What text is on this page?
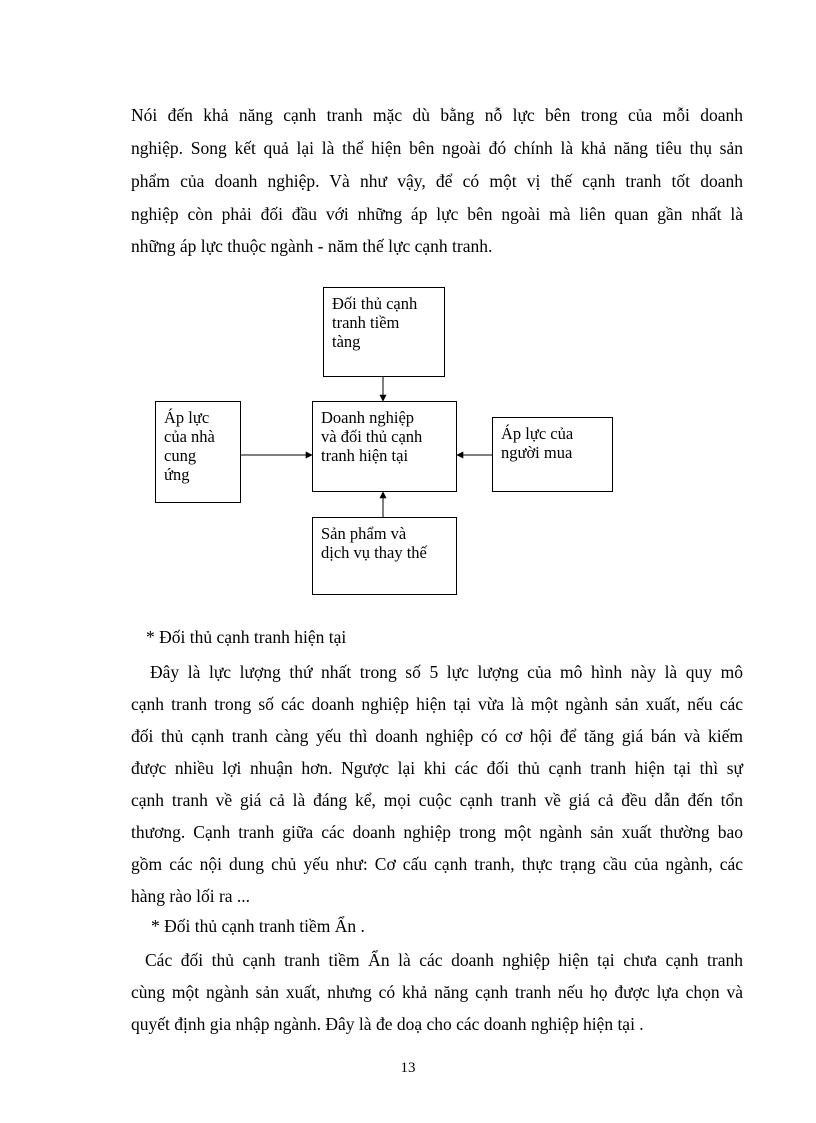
Nói đến khả năng cạnh tranh mặc dù bằng nỗ lực bên trong của mỗi doanh
nghiệp. Song kết quả lại là thể hiện bên ngoài đó chính là khả năng tiêu thụ sản
phẩm của doanh nghiệp. Và như vậy, để có một vị thế cạnh tranh tốt doanh
nghiệp còn phải đối đầu với những áp lực bên ngoài mà liên quan gần nhất là
những áp lực thuộc ngành - năm thế lực cạnh tranh.
Đối thủ cạnh
tranh tiềm
tàng
Áp lực
của nhà
cung
ứng
Doanh nghiệp
và đối thủ cạnh
tranh hiện tại
Áp lực của
người mua
Sản phẩm và
dịch vụ thay thế
* Đối thủ cạnh tranh hiện tại
Đây là lực lượng thứ nhất trong số 5 lực lượng của mô hình này là quy mô
cạnh tranh trong số các doanh nghiệp hiện tại vừa là một ngành sản xuất, nếu các
đối thủ cạnh tranh càng yếu thì doanh nghiệp có cơ hội để tăng giá bán và kiếm
được nhiều lợi nhuận hơn. Ngược lại khi các đối thủ cạnh tranh hiện tại thì sự
cạnh tranh về giá cả là đáng kể, mọi cuộc cạnh tranh về giá cả đều dẫn đến tổn
thương. Cạnh tranh giữa các doanh nghiệp trong một ngành sản xuất thường bao
gồm các nội dung chủ yếu như: Cơ cấu cạnh tranh, thực trạng cầu của ngành, các
hàng rào lối ra ...
* Đối thủ cạnh tranh tiềm Ẩn .
Các đối thủ cạnh tranh tiềm Ẩn là các doanh nghiệp hiện tại chưa cạnh tranh
cùng một ngành sản xuất, nhưng có khả năng cạnh tranh nếu họ được lựa chọn và
quyết định gia nhập ngành. Đây là đe doạ cho các doanh nghiệp hiện tại .
13
